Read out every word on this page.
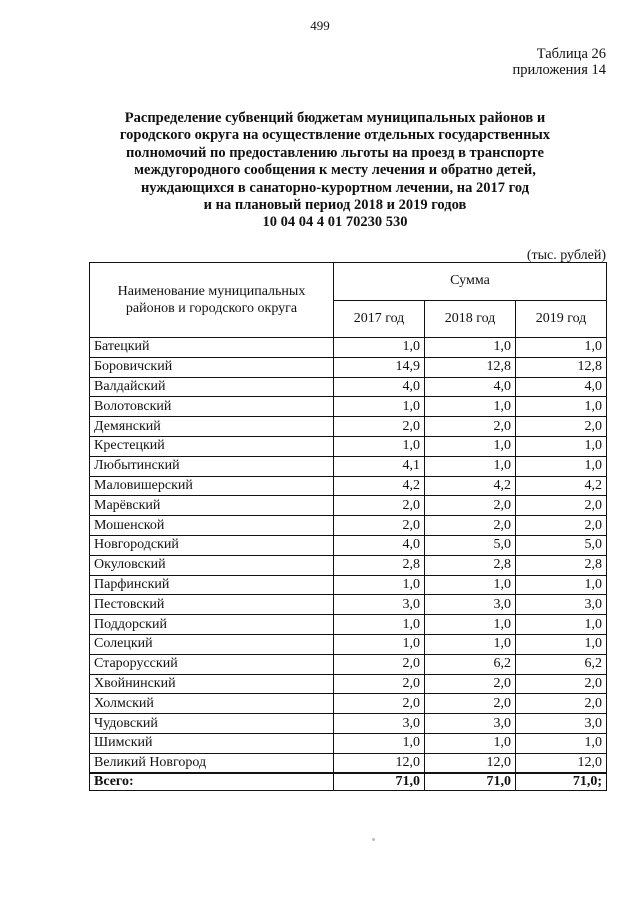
499
Таблица 26
приложения 14
Распределение субвенций бюджетам муниципальных районов и
городского округа на осуществление отдельных государственных
полномочий по предоставлению льготы на проезд в транспорте
междугородного сообщения к месту лечения и обратно детей,
нуждающихся в санаторно-курортном лечении, на 2017 год
и на плановый период 2018 и 2019 годов
10 04 04 4 01 70230 530
(тыс. рублей)
Наименование муниципальных районов и городского округа	Сумма		
	2017 год	2018 год	2019 год
Батецкий	1,0	1,0	1,0
Боровичский	14,9	12,8	12,8
Валдайский	4,0	4,0	4,0
Волотовский	1,0	1,0	1,0
Демянский	2,0	2,0	2,0
Крестецкий	1,0	1,0	1,0
Любытинский	4,1	1,0	1,0
Маловишерский	4,2	4,2	4,2
Марёвский	2,0	2,0	2,0
Мошенской	2,0	2,0	2,0
Новгородский	4,0	5,0	5,0
Окуловский	2,8	2,8	2,8
Парфинский	1,0	1,0	1,0
Пестовский	3,0	3,0	3,0
Поддорский	1,0	1,0	1,0
Солецкий	1,0	1,0	1,0
Старорусский	2,0	6,2	6,2
Хвойнинский	2,0	2,0	2,0
Холмский	2,0	2,0	2,0
Чудовский	3,0	3,0	3,0
Шимский	1,0	1,0	1,0
Великий Новгород	12,0	12,0	12,0
Всего:	71,0	71,0	71,0;
